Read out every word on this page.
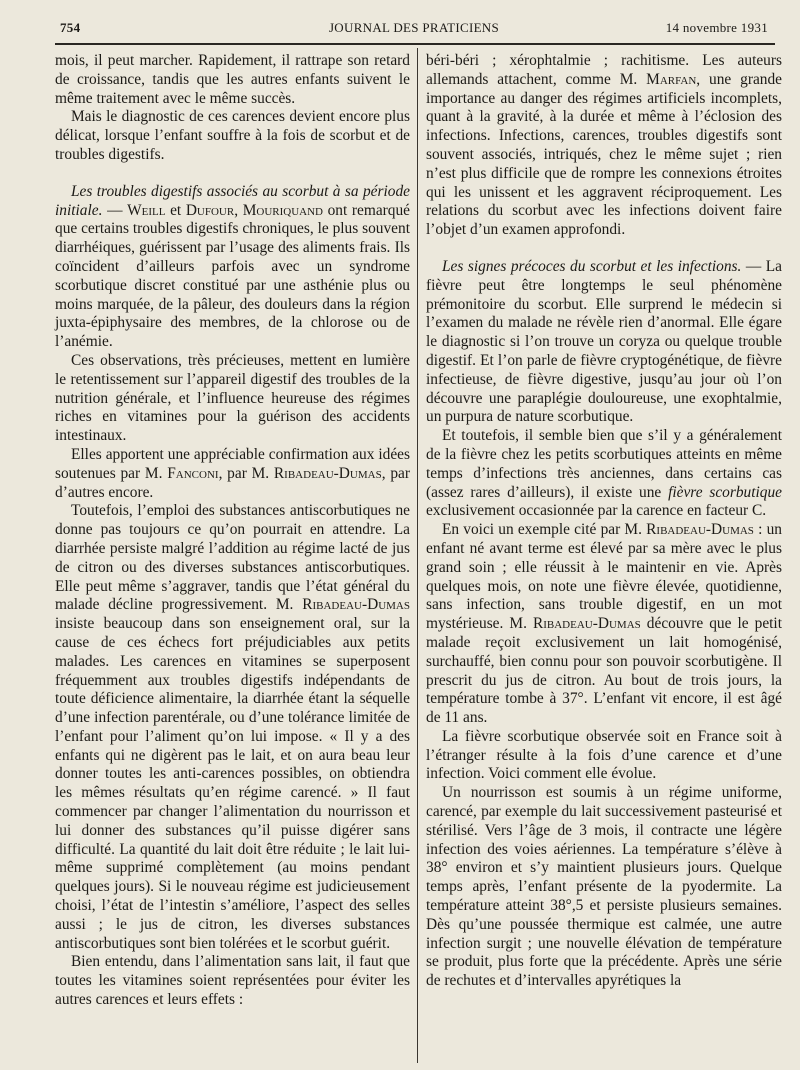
754	JOURNAL DES PRATICIENS	14 novembre 1931

mois, il peut marcher. Rapidement, il rattrape son retard de croissance, tandis que les autres enfants suivent le même traitement avec le même succès.

Mais le diagnostic de ces carences devient encore plus délicat, lorsque l’enfant souffre à la fois de scorbut et de troubles digestifs.

Les troubles digestifs associés au scorbut à sa période initiale. — Weill et Dufour, Mouriquand ont remarqué que certains troubles digestifs chroniques, le plus souvent diarrhéiques, guérissent par l’usage des aliments frais. Ils coïncident d’ailleurs parfois avec un syndrome scorbutique discret constitué par une asthénie plus ou moins marquée, de la pâleur, des douleurs dans la région juxta-épiphysaire des membres, de la chlorose ou de l’anémie.

Ces observations, très précieuses, mettent en lumière le retentissement sur l’appareil digestif des troubles de la nutrition générale, et l’influence heureuse des régimes riches en vitamines pour la guérison des accidents intestinaux.

Elles apportent une appréciable confirmation aux idées soutenues par M. Fanconi, par M. Ribadeau-Dumas, par d’autres encore.

Toutefois, l’emploi des substances antiscorbutiques ne donne pas toujours ce qu’on pourrait en attendre. La diarrhée persiste malgré l’addition au régime lacté de jus de citron ou des diverses substances antiscorbutiques. Elle peut même s’aggraver, tandis que l’état général du malade décline progressivement. M. Ribadeau-Dumas insiste beaucoup dans son enseignement oral, sur la cause de ces échecs fort préjudiciables aux petits malades. Les carences en vitamines se superposent fréquemment aux troubles digestifs indépendants de toute déficience alimentaire, la diarrhée étant la séquelle d’une infection parentérale, ou d’une tolérance limitée de l’enfant pour l’aliment qu’on lui impose. « Il y a des enfants qui ne digèrent pas le lait, et on aura beau leur donner toutes les anti-carences possibles, on obtiendra les mêmes résultats qu’en régime carencé. » Il faut commencer par changer l’alimentation du nourrisson et lui donner des substances qu’il puisse digérer sans difficulté. La quantité du lait doit être réduite ; le lait lui-même supprimé complètement (au moins pendant quelques jours). Si le nouveau régime est judicieusement choisi, l’état de l’intestin s’améliore, l’aspect des selles aussi ; le jus de citron, les diverses substances antiscorbutiques sont bien tolérées et le scorbut guérit.

Bien entendu, dans l’alimentation sans lait, il faut que toutes les vitamines soient représentées pour éviter les autres carences et leurs effets :

béri-béri ; xérophtalmie ; rachitisme. Les auteurs allemands attachent, comme M. Marfan, une grande importance au danger des régimes artificiels incomplets, quant à la gravité, à la durée et même à l’éclosion des infections. Infections, carences, troubles digestifs sont souvent associés, intriqués, chez le même sujet ; rien n’est plus difficile que de rompre les connexions étroites qui les unissent et les aggravent réciproquement. Les relations du scorbut avec les infections doivent faire l’objet d’un examen approfondi.

Les signes précoces du scorbut et les infections. — La fièvre peut être longtemps le seul phénomène prémonitoire du scorbut. Elle surprend le médecin si l’examen du malade ne révèle rien d’anormal. Elle égare le diagnostic si l’on trouve un coryza ou quelque trouble digestif. Et l’on parle de fièvre cryptogénétique, de fièvre infectieuse, de fièvre digestive, jusqu’au jour où l’on découvre une paraplégie douloureuse, une exophtalmie, un purpura de nature scorbutique.

Et toutefois, il semble bien que s’il y a généralement de la fièvre chez les petits scorbutiques atteints en même temps d’infections très anciennes, dans certains cas (assez rares d’ailleurs), il existe une fièvre scorbutique exclusivement occasionnée par la carence en facteur C.

En voici un exemple cité par M. Ribadeau-Dumas : un enfant né avant terme est élevé par sa mère avec le plus grand soin ; elle réussit à le maintenir en vie. Après quelques mois, on note une fièvre élevée, quotidienne, sans infection, sans trouble digestif, en un mot mystérieuse. M. Ribadeau-Dumas découvre que le petit malade reçoit exclusivement un lait homogénisé, surchauffé, bien connu pour son pouvoir scorbutigène. Il prescrit du jus de citron. Au bout de trois jours, la température tombe à 37°. L’enfant vit encore, il est âgé de 11 ans.

La fièvre scorbutique observée soit en France soit à l’étranger résulte à la fois d’une carence et d’une infection. Voici comment elle évolue.

Un nourrisson est soumis à un régime uniforme, carencé, par exemple du lait successivement pasteurisé et stérilisé. Vers l’âge de 3 mois, il contracte une légère infection des voies aériennes. La température s’élève à 38° environ et s’y maintient plusieurs jours. Quelque temps après, l’enfant présente de la pyodermite. La température atteint 38°,5 et persiste plusieurs semaines. Dès qu’une poussée thermique est calmée, une autre infection surgit ; une nouvelle élévation de température se produit, plus forte que la précédente. Après une série de rechutes et d’intervalles apyrétiques la
